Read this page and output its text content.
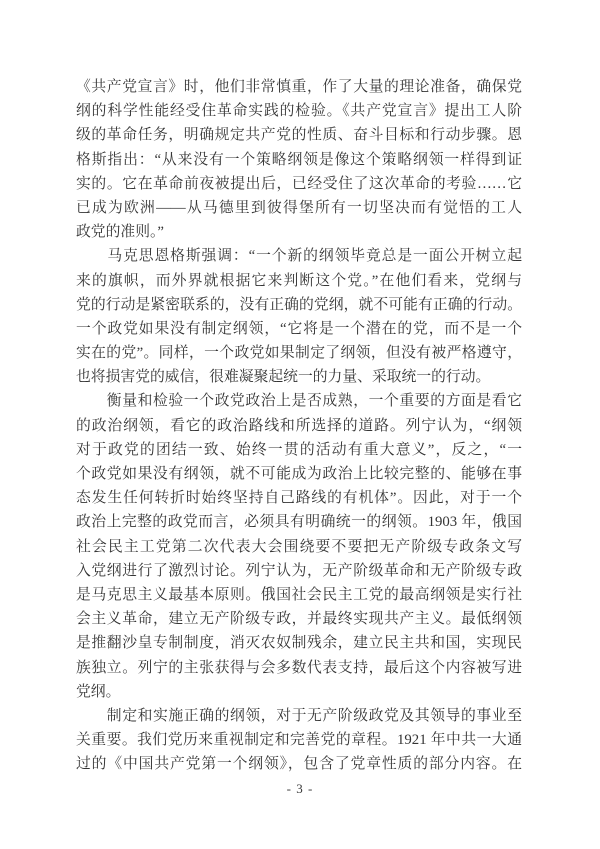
《共产党宣言》时，他们非常慎重，作了大量的理论准备，确保党
纲的科学性能经受住革命实践的检验。《共产党宣言》提出工人阶
级的革命任务，明确规定共产党的性质、奋斗目标和行动步骤。恩
格斯指出：“从来没有一个策略纲领是像这个策略纲领一样得到证
实的。它在革命前夜被提出后，已经受住了这次革命的考验……它
已成为欧洲——从马德里到彼得堡所有一切坚决而有觉悟的工人
政党的准则。”
　　马克思恩格斯强调：“一个新的纲领毕竟总是一面公开树立起
来的旗帜，而外界就根据它来判断这个党。”在他们看来，党纲与
党的行动是紧密联系的，没有正确的党纲，就不可能有正确的行动。
一个政党如果没有制定纲领，“它将是一个潜在的党，而不是一个
实在的党”。同样，一个政党如果制定了纲领，但没有被严格遵守，
也将损害党的威信，很难凝聚起统一的力量、采取统一的行动。
　　衡量和检验一个政党政治上是否成熟，一个重要的方面是看它
的政治纲领，看它的政治路线和所选择的道路。列宁认为，“纲领
对于政党的团结一致、始终一贯的活动有重大意义”，反之，“一
个政党如果没有纲领，就不可能成为政治上比较完整的、能够在事
态发生任何转折时始终坚持自己路线的有机体”。因此，对于一个
政治上完整的政党而言，必须具有明确统一的纲领。1903 年，俄国
社会民主工党第二次代表大会围绕要不要把无产阶级专政条文写
入党纲进行了激烈讨论。列宁认为，无产阶级革命和无产阶级专政
是马克思主义最基本原则。俄国社会民主工党的最高纲领是实行社
会主义革命，建立无产阶级专政，并最终实现共产主义。最低纲领
是推翻沙皇专制制度，消灭农奴制残余，建立民主共和国，实现民
族独立。列宁的主张获得与会多数代表支持，最后这个内容被写进
党纲。
　　制定和实施正确的纲领，对于无产阶级政党及其领导的事业至
关重要。我们党历来重视制定和完善党的章程。1921 年中共一大通
过的《中国共产党第一个纲领》，包含了党章性质的部分内容。在
- 3 -
